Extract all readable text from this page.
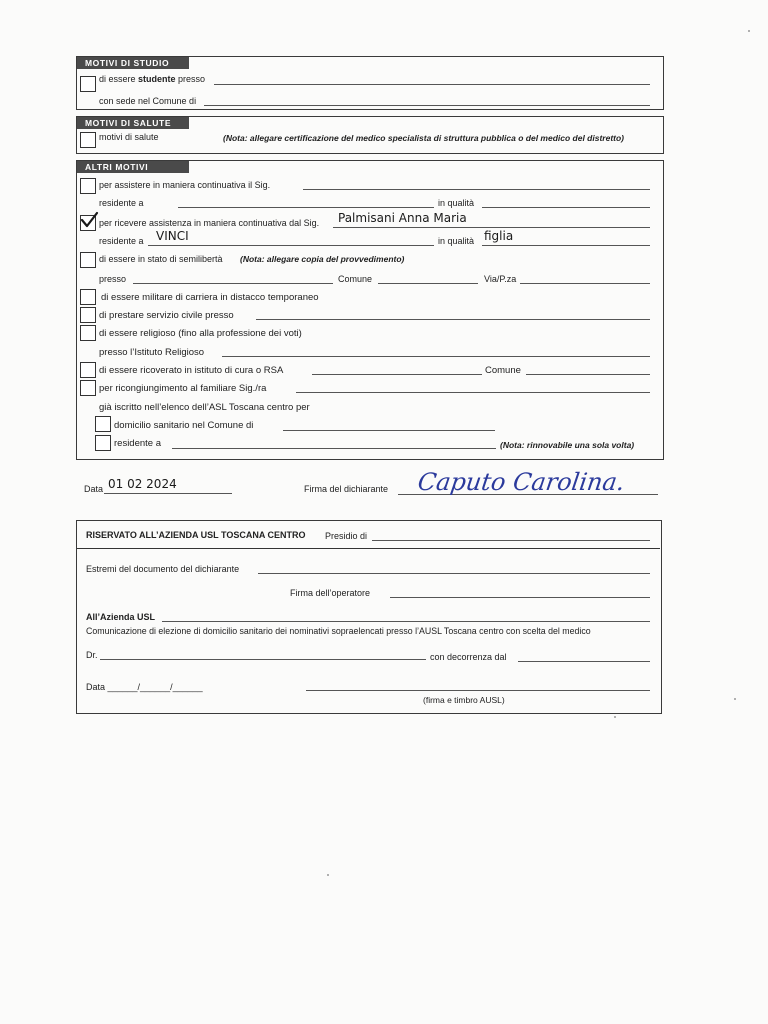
MOTIVI DI STUDIO
di essere studente presso
con sede nel Comune di
MOTIVI DI SALUTE
motivi di salute	(Nota: allegare certificazione del medico specialista di struttura pubblica o del medico del distretto)
ALTRI MOTIVI
per assistere in maniera continuativa il Sig.
residente a	in qualità
per ricevere assistenza in maniera continuativa dal Sig. Palmisani Anna Maria
residente a VINCI	in qualità figlia
di essere in stato di semilibertà (Nota: allegare copia del provvedimento)
presso	Comune	Via/P.za
di essere militare di carriera in distacco temporaneo
di prestare servizio civile presso
di essere religioso (fino alla professione dei voti)
presso l’Istituto Religioso
di essere ricoverato in istituto di cura o RSA	Comune
per ricongiungimento al familiare Sig./ra
già iscritto nell’elenco dell’ASL Toscana centro per
domicilio sanitario nel Comune di
residente a	(Nota: rinnovabile una sola volta)
Data 01 02 2024	Firma del dichiarante Caputo Carolina.
RISERVATO ALL’AZIENDA USL TOSCANA CENTRO Presidio di
Estremi del documento del dichiarante
Firma dell’operatore
All’Azienda USL
Comunicazione di elezione di domicilio sanitario dei nominativi sopraelencati presso l’AUSL Toscana centro con scelta del medico
Dr.	con decorrenza dal
Data ______/______/______
(firma e timbro AUSL)
